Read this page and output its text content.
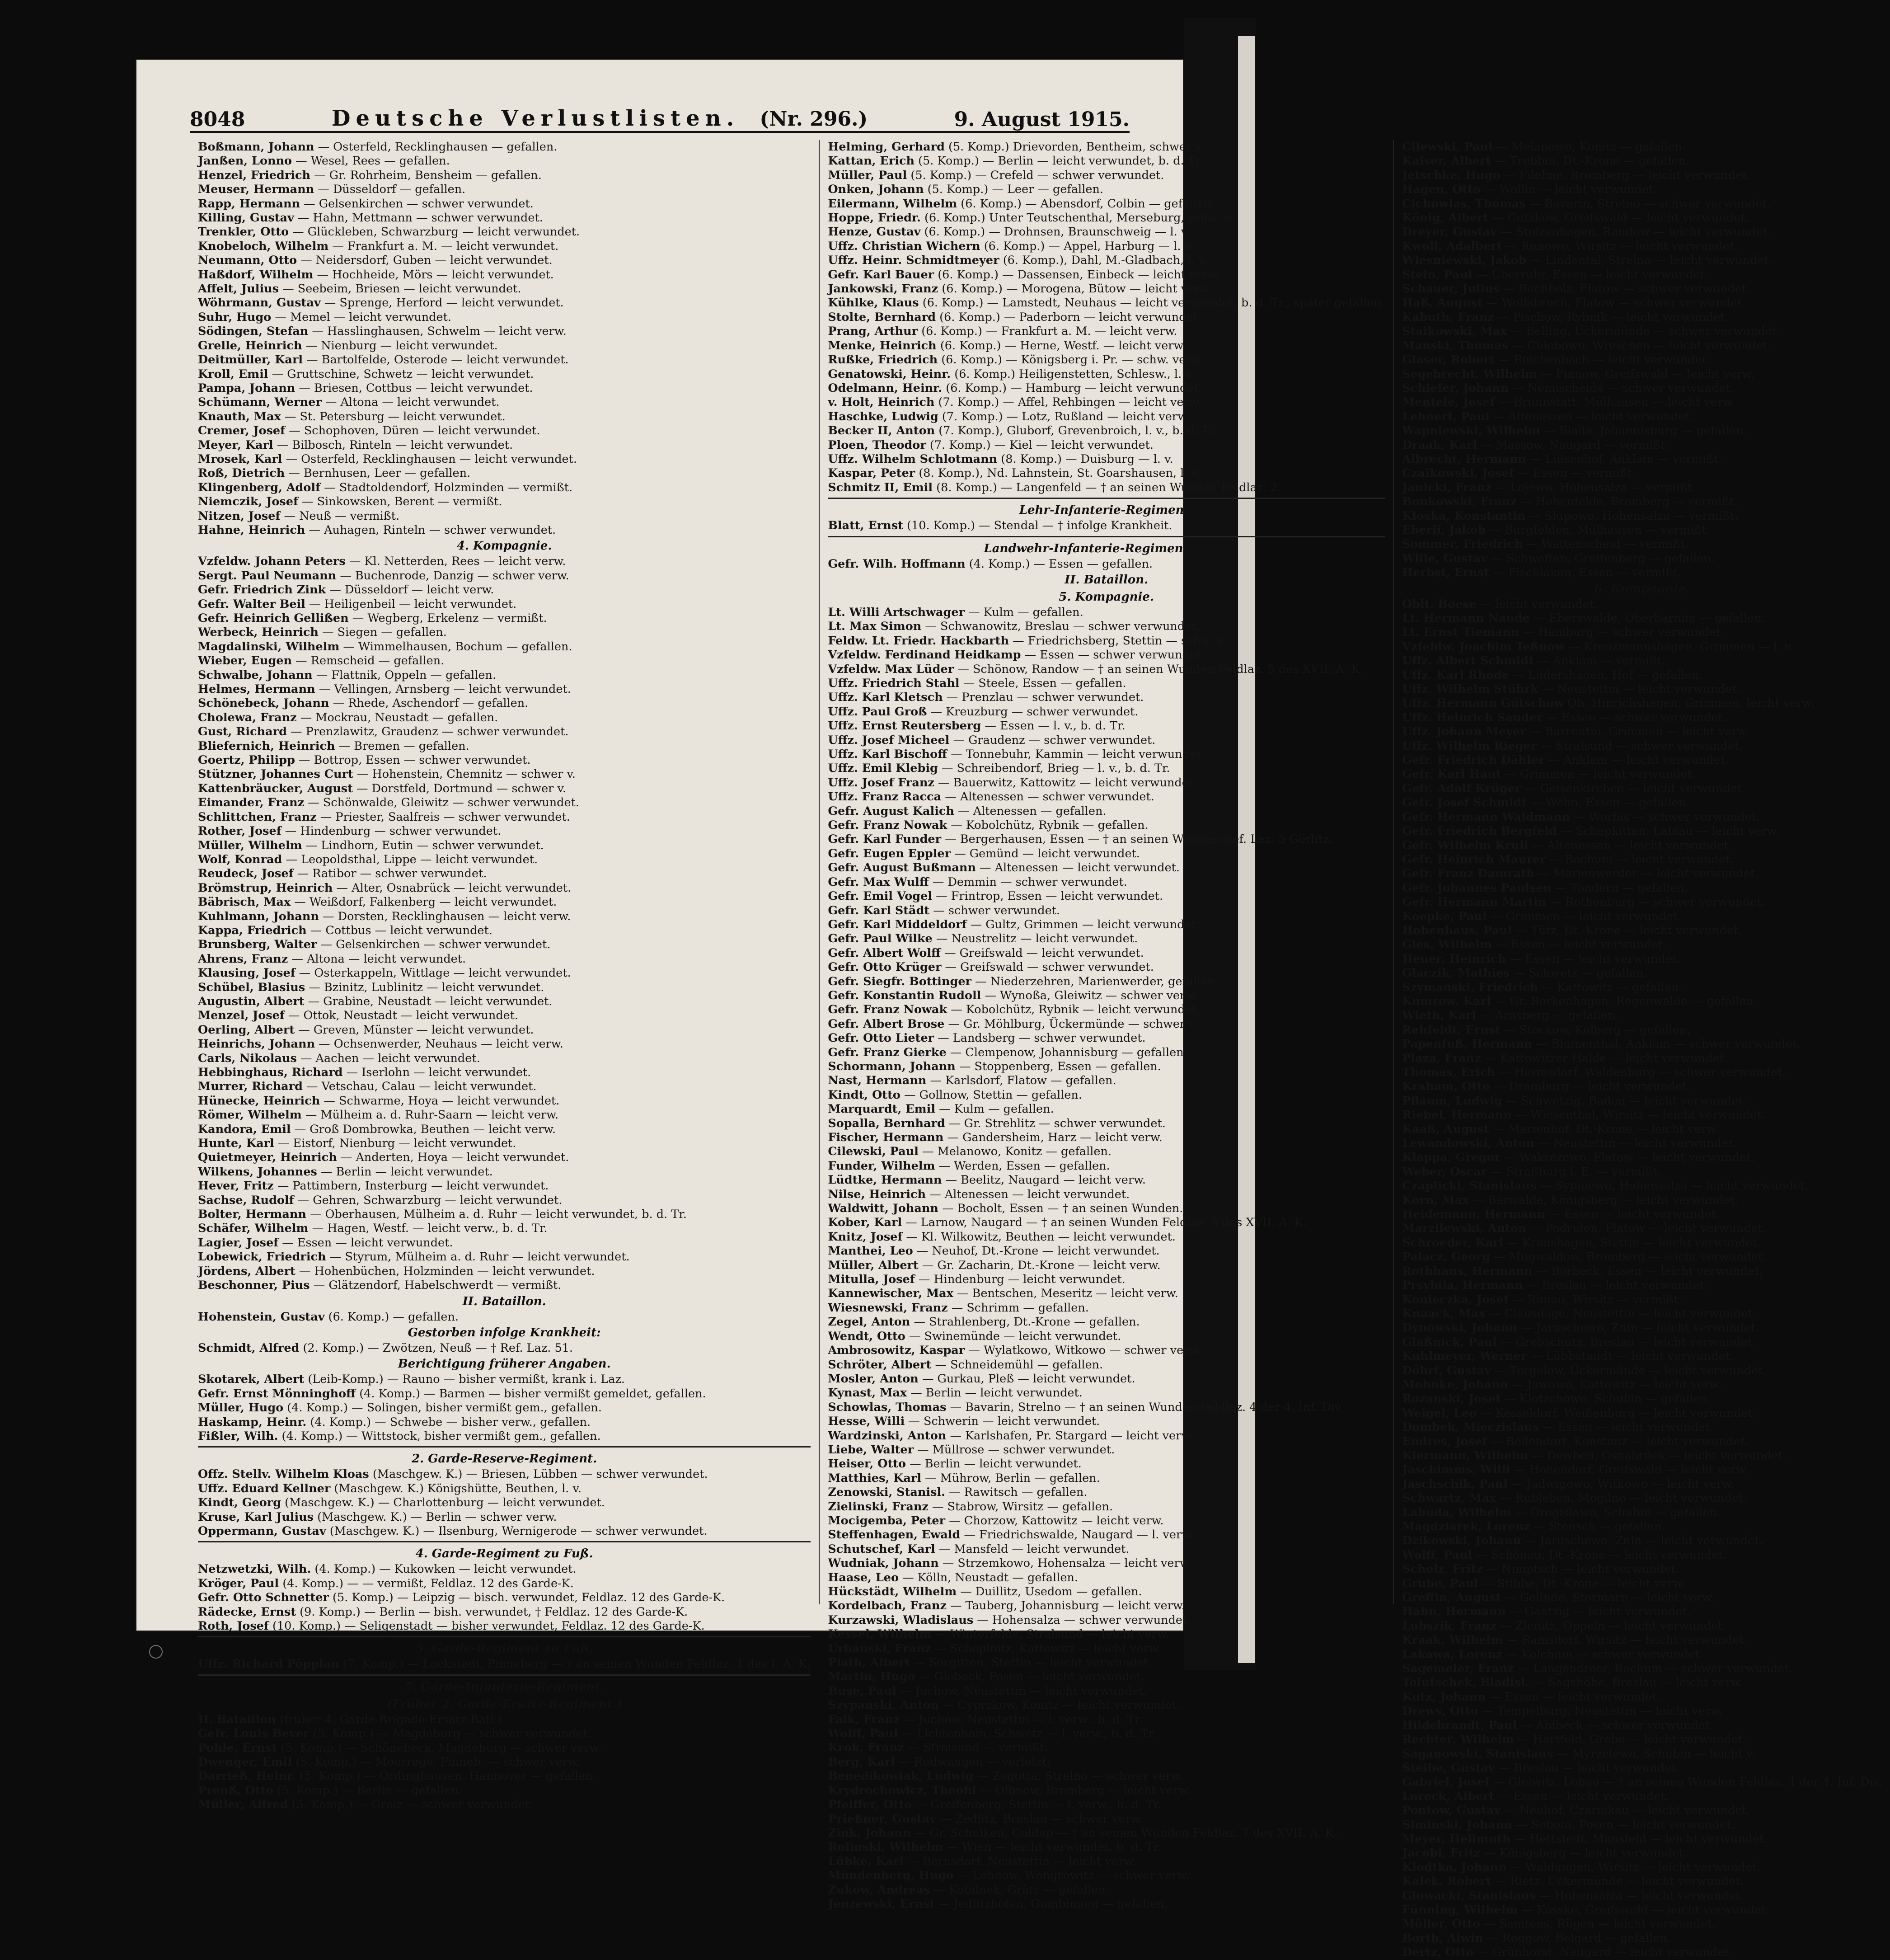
8048	Deutsche Verlustlisten. (Nr. 296.)	9. August 1915.
Boßmann, Johann — Osterfeld, Recklinghausen — gefallen.
Janßen, Lonno — Wesel, Rees — gefallen.
Henzel, Friedrich — Gr. Rohrheim, Bensheim — gefallen.
Meuser, Hermann — Düsseldorf — gefallen.
Rapp, Hermann — Gelsenkirchen — schwer verwundet.
Killing, Gustav — Hahn, Mettmann — schwer verwundet.
Trenkler, Otto — Glückleben, Schwarzburg — leicht verwundet.
Knobeloch, Wilhelm — Frankfurt a. M. — leicht verwundet.
Neumann, Otto — Neidersdorf, Guben — leicht verwundet.
Haßdorf, Wilhelm — Hochheide, Mörs — leicht verwundet.
Affelt, Julius — Seebeim, Briesen — leicht verwundet.
Wöhrmann, Gustav — Sprenge, Herford — leicht verwundet.
Suhr, Hugo — Memel — leicht verwundet.
Södingen, Stefan — Hasslinghausen, Schwelm — leicht verw.
Grelle, Heinrich — Nienburg — leicht verwundet.
Deitmüller, Karl — Bartolfelde, Osterode — leicht verwundet.
Kroll, Emil — Gruttschine, Schwetz — leicht verwundet.
Pampa, Johann — Briesen, Cottbus — leicht verwundet.
Schümann, Werner — Altona — leicht verwundet.
Knauth, Max — St. Petersburg — leicht verwundet.
Cremer, Josef — Schophoven, Düren — leicht verwundet.
Meyer, Karl — Bilbosch, Rinteln — leicht verwundet.
Mrosek, Karl — Osterfeld, Recklinghausen — leicht verwundet.
Roß, Dietrich — Bernhusen, Leer — gefallen.
Klingenberg, Adolf — Stadtoldendorf, Holzminden — vermißt.
Niemczik, Josef — Sinkowsken, Berent — vermißt.
Nitzen, Josef — Neuß — vermißt.
Hahne, Heinrich — Auhagen, Rinteln — schwer verwundet.
4. Kompagnie.
Vzfeldw. Johann Peters — Kl. Netterden, Rees — leicht verw.
Sergt. Paul Neumann — Buchenrode, Danzig — schwer verw.
Gefr. Friedrich Zink — Düsseldorf — leicht verw.
Gefr. Walter Beil — Heiligenbeil — leicht verwundet.
Gefr. Heinrich Gellißen — Wegberg, Erkelenz — vermißt.
Werbeck, Heinrich — Siegen — gefallen.
Magdalinski, Wilhelm — Wimmelhausen, Bochum — gefallen.
Wieber, Eugen — Remscheid — gefallen.
Schwalbe, Johann — Flattnik, Oppeln — gefallen.
Helmes, Hermann — Vellingen, Arnsberg — leicht verwundet.
Schönebeck, Johann — Rhede, Aschendorf — gefallen.
Cholewa, Franz — Mockrau, Neustadt — gefallen.
Gust, Richard — Prenzlawitz, Graudenz — schwer verwundet.
Bliefernich, Heinrich — Bremen — gefallen.
Goertz, Philipp — Bottrop, Essen — schwer verwundet.
Stützner, Johannes Curt — Hohenstein, Chemnitz — schwer v.
Kattenbräucker, August — Dorstfeld, Dortmund — schwer v.
Eimander, Franz — Schönwalde, Gleiwitz — schwer verwundet.
Schlittchen, Franz — Priester, Saalfreis — schwer verwundet.
Rother, Josef — Hindenburg — schwer verwundet.
Müller, Wilhelm — Lindhorn, Eutin — schwer verwundet.
Wolf, Konrad — Leopoldsthal, Lippe — leicht verwundet.
Reudeck, Josef — Ratibor — schwer verwundet.
Brömstrup, Heinrich — Alter, Osnabrück — leicht verwundet.
Bäbrisch, Max — Weißdorf, Falkenberg — leicht verwundet.
Kuhlmann, Johann — Dorsten, Recklinghausen — leicht verw.
Kappa, Friedrich — Cottbus — leicht verwundet.
Brunsberg, Walter — Gelsenkirchen — schwer verwundet.
Ahrens, Franz — Altona — leicht verwundet.
Klausing, Josef — Osterkappeln, Wittlage — leicht verwundet.
Schübel, Blasius — Bzinitz, Lublinitz — leicht verwundet.
Augustin, Albert — Grabine, Neustadt — leicht verwundet.
Menzel, Josef — Ottok, Neustadt — leicht verwundet.
Oerling, Albert — Greven, Münster — leicht verwundet.
Heinrichs, Johann — Ochsenwerder, Neuhaus — leicht verw.
Carls, Nikolaus — Aachen — leicht verwundet.
Hebbinghaus, Richard — Iserlohn — leicht verwundet.
Murrer, Richard — Vetschau, Calau — leicht verwundet.
Hünecke, Heinrich — Schwarme, Hoya — leicht verwundet.
Römer, Wilhelm — Mülheim a. d. Ruhr-Saarn — leicht verw.
Kandora, Emil — Groß Dombrowka, Beuthen — leicht verw.
Hunte, Karl — Eistorf, Nienburg — leicht verwundet.
Quietmeyer, Heinrich — Anderten, Hoya — leicht verwundet.
Wilkens, Johannes — Berlin — leicht verwundet.
Hever, Fritz — Pattimbern, Insterburg — leicht verwundet.
Sachse, Rudolf — Gehren, Schwarzburg — leicht verwundet.
Bolter, Hermann — Oberhausen, Mülheim a. d. Ruhr — leicht verwundet, b. d. Tr.
Schäfer, Wilhelm — Hagen, Westf. — leicht verw., b. d. Tr.
Lagier, Josef — Essen — leicht verwundet.
Lobewick, Friedrich — Styrum, Mülheim a. d. Ruhr — leicht verwundet.
Jördens, Albert — Hohenbüchen, Holzminden — leicht verwundet.
Beschonner, Pius — Glätzendorf, Habelschwerdt — vermißt.
II. Bataillon.
Hohenstein, Gustav (6. Komp.) — gefallen.
Gestorben infolge Krankheit:
Schmidt, Alfred (2. Komp.) — Zwötzen, Neuß — † Ref. Laz. 51.
Berichtigung früherer Angaben.
Skotarek, Albert (Leib-Komp.) — Rauno — bisher vermißt, krank i. Laz.
Gefr. Ernst Mönninghoff (4. Komp.) — Barmen — bisher vermißt gemeldet, gefallen.
Müller, Hugo (4. Komp.) — Solingen, bisher vermißt gem., gefallen.
Haskamp, Heinr. (4. Komp.) — Schwebe — bisher verw., gefallen.
Fißler, Wilh. (4. Komp.) — Wittstock, bisher vermißt gem., gefallen.
2. Garde-Reserve-Regiment.
Offz. Stellv. Wilhelm Kloas (Maschgew. K.) — Briesen, Lübben — schwer verwundet.
Uffz. Eduard Kellner (Maschgew. K.) Königshütte, Beuthen, l. v.
Kindt, Georg (Maschgew. K.) — Charlottenburg — leicht verwundet.
Kruse, Karl Julius (Maschgew. K.) — Berlin — schwer verw.
Oppermann, Gustav (Maschgew. K.) — Ilsenburg, Wernigerode — schwer verwundet.
4. Garde-Regiment zu Fuß.
Netzwetzki, Wilh. (4. Komp.) — Kukowken — leicht verwundet.
Kröger, Paul (4. Komp.) — — vermißt, Feldlaz. 12 des Garde-K.
Gefr. Otto Schnetter (5. Komp.) — Leipzig — bisch. verwundet, Feldlaz. 12 des Garde-K.
Rädecke, Ernst (9. Komp.) — Berlin — bish. verwundet, † Feldlaz. 12 des Garde-K.
Roth, Josef (10. Komp.) — Seligenstadt — bisher verwundet, Feldlaz. 12 des Garde-K.
5. Garde-Regiment zu Fuß.
Uffz. Richard Pöpplau (7. Komp.) — Lockstedt, Pinneberg — † an seinen Wunden Feldlaz. 1 des I. A. K.
7. Garde-Infanterie-Regiment.
(Früher 2. Garde-Ersatz-Regiment.)
II. Bataillon (früher 4. Garde-Brigade-Ersatz-Batl.)
Gefr. Louis Bever (5. Komp.) — Magdeburg — schwer verwundet.
Pohle, Ernst (5. Komp.) — Schönebeck, Magdeburg — schwer verw.
Dwenger, Emil (5. Komp.) — Moorrege, Pinneb. — schwer verw.
Darrieß, Heinr. (5. Komp.) — Ordinghausen, Hannover — gefallen.
Prenß, Otto (5. Komp.) — Berlin — gefallen.
Müller, Alfred (5. Komp.) — Greiz — schwer verwundet.
Helming, Gerhard (5. Komp.) Drievorden, Bentheim, schwer v.
Kattan, Erich (5. Komp.) — Berlin — leicht verwundet, b. d. Tr.
Müller, Paul (5. Komp.) — Crefeld — schwer verwundet.
Onken, Johann (5. Komp.) — Leer — gefallen.
Eilermann, Wilhelm (6. Komp.) — Abensdorf, Colbin — gefallen.
Hoppe, Friedr. (6. Komp.) Unter Teutschenthal, Merseburg, schw. v.
Henze, Gustav (6. Komp.) — Drohnsen, Braunschweig — l. v.
Uffz. Christian Wichern (6. Komp.) — Appel, Harburg — l. v.
Uffz. Heinr. Schmidtmeyer (6. Komp.), Dahl, M.-Gladbach, l. v.
Gefr. Karl Bauer (6. Komp.) — Dassensen, Einbeck — leicht verw.
Jankowski, Franz (6. Komp.) — Morogena, Bütow — leicht verw.
Kühlke, Klaus (6. Komp.) — Lamstedt, Neuhaus — leicht verwundet, b. d. Tr., später gefallen.
Stolte, Bernhard (6. Komp.) — Paderborn — leicht verwundet.
Prang, Arthur (6. Komp.) — Frankfurt a. M. — leicht verw.
Menke, Heinrich (6. Komp.) — Herne, Westf. — leicht verw.
Rußke, Friedrich (6. Komp.) — Königsberg i. Pr. — schw. verw.
Genatowski, Heinr. (6. Komp.) Heiligenstetten, Schlesw., l. v.
Odelmann, Heinr. (6. Komp.) — Hamburg — leicht verwundet.
v. Holt, Heinrich (7. Komp.) — Affel, Rehbingen — leicht verw.
Haschke, Ludwig (7. Komp.) — Lotz, Rußland — leicht verw.
Becker II, Anton (7. Komp.), Gluborf, Grevenbroich, l. v., b. d. Tr.
Ploen, Theodor (7. Komp.) — Kiel — leicht verwundet.
Uffz. Wilhelm Schlotmann (8. Komp.) — Duisburg — l. v.
Kaspar, Peter (8. Komp.), Nd. Lahnstein, St. Goarshausen, l. v.
Schmitz II, Emil (8. Komp.) — Langenfeld — † an seinen Wunden Feldlaz. 2.
Lehr-Infanterie-Regiment.
Blatt, Ernst (10. Komp.) — Stendal — † infolge Krankheit.
Landwehr-Infanterie-Regiment Nr. 2.
Gefr. Wilh. Hoffmann (4. Komp.) — Essen — gefallen.
II. Bataillon.
5. Kompagnie.
Lt. Willi Artschwager — Kulm — gefallen.
Lt. Max Simon — Schwanowitz, Breslau — schwer verwundet.
Feldw. Lt. Friedr. Hackbarth — Friedrichsberg, Stettin — schw. v.
Vzfeldw. Ferdinand Heidkamp — Essen — schwer verwundet.
Vzfeldw. Max Lüder — Schönow, Randow — † an seinen Wunden Feldlaz. 5 des XVII. A. K.
Uffz. Friedrich Stahl — Steele, Essen — gefallen.
Uffz. Karl Kletsch — Prenzlau — schwer verwundet.
Uffz. Paul Groß — Kreuzburg — schwer verwundet.
Uffz. Ernst Reutersberg — Essen — l. v., b. d. Tr.
Uffz. Josef Micheel — Graudenz — schwer verwundet.
Uffz. Karl Bischoff — Tonnebuhr, Kammin — leicht verwundet.
Uffz. Emil Klebig — Schreibendorf, Brieg — l. v., b. d. Tr.
Uffz. Josef Franz — Bauerwitz, Kattowitz — leicht verwundet.
Uffz. Franz Racca — Altenessen — schwer verwundet.
Gefr. August Kalich — Altenessen — gefallen.
Gefr. Franz Nowak — Kobolchütz, Rybnik — gefallen.
Gefr. Karl Funder — Bergerhausen, Essen — † an seinen Wunden Ref. Laz. 5 Görlitz.
Gefr. Eugen Eppler — Gemünd — leicht verwundet.
Gefr. August Bußmann — Altenessen — leicht verwundet.
Gefr. Max Wulff — Demmin — schwer verwundet.
Gefr. Emil Vogel — Frintrop, Essen — leicht verwundet.
Gefr. Karl Städt — schwer verwundet.
Gefr. Karl Middeldorf — Gultz, Grimmen — leicht verwundet.
Gefr. Paul Wilke — Neustrelitz — leicht verwundet.
Gefr. Albert Wolff — Greifswald — leicht verwundet.
Gefr. Otto Krüger — Greifswald — schwer verwundet.
Gefr. Siegfr. Bottinger — Niederzehren, Marienwerder, gefallen.
Gefr. Konstantin Rudoll — Wynoßa, Gleiwitz — schwer verw.
Gefr. Franz Nowak — Kobolchütz, Rybnik — leicht verwundet.
Gefr. Albert Brose — Gr. Möhlburg, Ückermünde — schwer v.
Gefr. Otto Lieter — Landsberg — schwer verwundet.
Gefr. Franz Gierke — Clempenow, Johannisburg — gefallen.
Schormann, Johann — Stoppenberg, Essen — gefallen.
Nast, Hermann — Karlsdorf, Flatow — gefallen.
Kindt, Otto — Gollnow, Stettin — gefallen.
Marquardt, Emil — Kulm — gefallen.
Sopalla, Bernhard — Gr. Strehlitz — schwer verwundet.
Fischer, Hermann — Gandersheim, Harz — leicht verw.
Cilewski, Paul — Melanowo, Konitz — gefallen.
Funder, Wilhelm — Werden, Essen — gefallen.
Lüdtke, Hermann — Beelitz, Naugard — leicht verw.
Nilse, Heinrich — Altenessen — leicht verwundet.
Waldwitt, Johann — Bocholt, Essen — † an seinen Wunden.
Kober, Karl — Larnow, Naugard — † an seinen Wunden Feldlaz. 5 des XVII. A. K.
Knitz, Josef — Kl. Wilkowitz, Beuthen — leicht verwundet.
Manthei, Leo — Neuhof, Dt.-Krone — leicht verwundet.
Müller, Albert — Gr. Zacharin, Dt.-Krone — leicht verw.
Mitulla, Josef — Hindenburg — leicht verwundet.
Kannewischer, Max — Bentschen, Meseritz — leicht verw.
Wiesnewski, Franz — Schrimm — gefallen.
Zegel, Anton — Strahlenberg, Dt.-Krone — gefallen.
Wendt, Otto — Swinemünde — leicht verwundet.
Ambrosowitz, Kaspar — Wylatkowo, Witkowo — schwer verw.
Schröter, Albert — Schneidemühl — gefallen.
Mosler, Anton — Gurkau, Pleß — leicht verwundet.
Kynast, Max — Berlin — leicht verwundet.
Schowlas, Thomas — Bavarin, Strelno — † an seinen Wunden Feldlaz. 4 der 4. Inf. Div.
Hesse, Willi — Schwerin — leicht verwundet.
Wardzinski, Anton — Karlshafen, Pr. Stargard — leicht verw.
Liebe, Walter — Müllrose — schwer verwundet.
Heiser, Otto — Berlin — leicht verwundet.
Matthies, Karl — Mührow, Berlin — gefallen.
Zenowski, Stanisl. — Rawitsch — gefallen.
Zielinski, Franz — Stabrow, Wirsitz — gefallen.
Mocigemba, Peter — Chorzow, Kattowitz — leicht verw.
Steffenhagen, Ewald — Friedrichswalde, Naugard — l. verw.
Schutschef, Karl — Mansfeld — leicht verwundet.
Wudniak, Johann — Strzemkowo, Hohensalza — leicht verw.
Haase, Leo — Kölln, Neustadt — gefallen.
Hückstädt, Wilhelm — Duillitz, Usedom — gefallen.
Kordelbach, Franz — Tauberg, Johannisburg — leicht verw.
Kurzawski, Wladislaus — Hohensalza — schwer verwundet.
Kessel, Wilhelm — Winterfelde, Stralsund — leicht verw.
Urbanski, Franz — Schopinitz, Kattowitz — leicht verw.
Plath, Albert — Sorgitten, Stettin — leicht verwundet.
Martin, Hugo — Glebock, Posen — leicht verwundet.
Buse, Paul — Juchow, Neustettin — leicht verwundet.
Szypanski, Anton — Cyprzkow, Konitz — leicht verwundet.
Falk, Franz — Juchow, Neustettin — l. verw., b. d. Tr.
Wolff, Paul — Lichtenhain, Schwetz — l. verw., b. d. Tr.
Krok, Franz — Stralsund — vermißt.
Berg, Karl — Rudwangen — verletzt.
Benedikowiak, Ludwig — Zegotta, Strelno — schwer verw.
Krydrochowicz, Theofil — Olbnow, Bromberg — leicht verw.
Pfeiffer, Otto — Greifenberg, Stettin — l. verw., b. d. Tr.
Prießner, Gustav — Zedlitz, Breslau — schwer verw.
Zink, Johann — Gr. Schulken, Goldap — † an seinen Wunden Feldlaz. 7 des XVII. A. K.
Rolinski, Wilhelm — Wien — leicht verwundet, b. d. Tr.
Lübke, Karl — Bernsdorf, Neustettin — leicht verw.
Mündenberg, Hugo — Lehnow, Wongrowitz — schwer verw.
Zukow, Andreas — Kobilnek, Grätz — gefallen.
Jenzewski, Ernst — Jedlitzhofen, Gumbinnen — gefallen.
Cilewski, Paul — Melanowo, Konitz — gefallen.
Kaiser, Albert — Trebbin, Dt.-Krone — gefallen.
Jetschke, Hugo — Filehne, Bromberg — leicht verwundet.
Hagen, Otto — Wollin — leicht verwundet.
Cichowlas, Thomas — Bavarin, Strelno — schwer verwundet.
König, Albert — Gutzkow, Greifswald — leicht verwundet.
Dreyer, Gustav — Stolzenhagen, Randow — leicht verwundet.
Kwoll, Adalbert — Runowo, Wirsitz — leicht verwundet.
Wiesniewski, Jakob — Lindental, Strelno — leicht verwundet.
Stein, Paul — Überruhr, Essen — leicht verwundet.
Schauer, Julius — Buchholz, Flatow — schwer verwundet.
Haß, August — Wolfsbruch, Flatow — schwer verwundet.
Kabuth, Franz — Pischow, Rybnik — leicht verwundet.
Staikowski, Max — Belling, Ückermünde — schwer verwundet.
Manski, Thomas — Chlebowo, Wreschen — leicht verwundet.
Glaser, Robert — Reichenbach — leicht verwundet.
Segebrecht, Wilhelm — Pinnow, Greifswald — leicht verw.
Schiefer, Johann — Nemischeide — schwer verwundet.
Mentele, Josef — Brunnstatt, Mülhausen — leicht verw.
Lehnert, Paul — Altenessen — leicht verwundet.
Wapniewski, Wilhelm — Blalla, Johannisburg — gefallen.
Draak, Karl — Massow, Naugard — vermißt.
Albrecht, Hermann — Luisenhof, Anklam — vermißt.
Czaikowski, Josef — Essen — vermißt.
Janicki, Franz — Lojewo, Hohensalza — vermißt.
Bonkowski, Franz — Hohenfelde, Bromberg — vermißt.
Kloska, Konstantin — Slupowo, Hohensalza — vermißt.
Eberli, Jakob — Burgfelden, Mülhausen — vermißt.
Sommer, Friedrich — Wattenscheid — vermißt.
Wille, Gustav — Schweffen, Greifenberg — gefallen.
Herbst, Ernst — Fischlaken, Essen — vermißt.
6. Kompagnie.
Oblt. Boese — leicht verwundet.
Lt. Hermann Naude — Eberswalde, Oberbarnim — gefallen.
Lt. Ernst Tiemann — Hamburg — schwer verwundet.
Vzfeldw. Joachim Teßnow — Kreuzmannshagen, Grimmen — l. v.
Uffz. Albert Schmidt — Anklam — vermißt.
Uffz. Karl Rhode — Lüdershagen, Hof — gefallen.
Uffz. Wilhelm Stührk — Neustettin — leicht verwundet.
Uffz. Hermann Gütschow Ob. Hinrichshagen, Grimmen, leicht verw.
Uffz. Heinrich Sauder — Essen — schwer verwundet.
Uffz. Johann Meyer — Barrentin, Grimmen — leicht verw.
Uffz. Wilhelm Rieger — Stralsund — schwer verwundet.
Gefr. Friedrich Dähler — Anklam — leicht verwundet.
Gefr. Karl Haut — Grimmen — leicht verwundet.
Gefr. Adolf Krüger — Geisenkirchen — leicht verwundet.
Gefr. Josef Schmidt — Wehn, Essen — gefallen.
Gefr. Hermann Waldmann — Worbis — schwer verwundet.
Gefr. Friedrich Bergfeld — Schepkitten, Labiau — leicht verw.
Gefr. Wilhelm Krull — Altenessen — leicht verwundet.
Gefr. Heinrich Maurer — Bochum — leicht verwundet.
Gefr. Franz Damrath — Marienwerder — leicht verwundet.
Gefr. Johannes Paulsen — Tondern — gefallen.
Gefr. Hermann Martin — Rothenburg — schwer verwundet.
Koepke, Paul — Grimmen — leicht verwundet.
Hohenhaus, Paul — Tütz, Dt.-Krone — leicht verwundet.
Gies, Wilhelm — Essen — leicht verwundet.
Heuer, Heinrich — Essen — leicht verwundet.
Glaczik, Mathies — Schwetz — gefallen.
Szymanski, Friedrich — Kattowitz — gefallen.
Kumrow, Karl — Gr. Borkenhagen, Regenwalde — gefallen.
Wieth, Karl — Arnsberg — gefallen.
Rehfeldt, Ernst — Stockow, Kolberg — gefallen.
Papenfuß, Hermann — Blumenthal, Anklam — schwer verwundet.
Plaza, Franz — Kattowitzer Halde — leicht verwundet.
Thomas, Erich — Hermsdorf, Waldenburg — schwer verwundet.
Kraham, Otto — Dramburg — leicht verwundet.
Pflaum, Ludwig — Schwetzig, Baden — leicht verwundet.
Riebel, Hermann — Wiesenthal, Wirsitz — leicht verwundet.
Kaaß, August — Marienhof, Dt.-Krone — leicht verw.
Lewandowski, Anton — Neustettin — leicht verwundet.
Klappa, Gregor — Wakrezewo, Flatow — leicht verwundet.
Weber, Oscar — Straßburg i. E. — vermißt.
Czaplicki, Stanislaus — Sypniewo, Hohensalza — leicht verwundet.
Korn, Max — Bärwalde, Königsberg — leicht verwundet.
Heidemann, Hermann — Essen — leicht verwundet.
Marzilewski, Anton — Podrulen, Flatow — leicht verwundet.
Schroeder, Karl — Kraushagen, Stettin — leicht verwundet.
Palacz, Georg — Mugwaldow, Bromberg — leicht verwundet.
Rothhaus, Hermann — Borbeck, Essen — leicht verwundet.
Prsybila, Hermann — Breslau — leicht verwundet.
Konieczka, Josef — Runau, Wirsitz — vermißt.
Knaack, Max — Clausdage, Neustettin — leicht verwundet.
Dynowski, Johann — Jaruschewo, Znin — leicht verwundet.
Glaßnick, Paul — Grebschutz, Breslau — leicht verwundet.
Kuhlmeyer, Werner — Lübbstandt — leicht verwundet.
Döhrf, Gustav — Torgelow, Ückermünde — leicht verwundet.
Mohnke, Johann — Jawowo, Kattowitz — leicht verw.
Rozanski, Josef — Klotzchowo, Schubin — gefallen.
Weigel, Leo — Kesseldorf, Weißenburg — leicht verwundet.
Dombek, Mieczislaus — Essen — leicht verwundet.
Endres, Josef — Bellendorf, Konstanz — leicht verwundet.
Kiermann, Wilhelm — Dewbeu, Osnabrück — leicht verwundet.
Jaschimms, Willi — Hohendorf, Greifswald — leicht verw.
Jaschschik, Paul — Jadwigowo, Witkowo — leicht verw.
Schwartz, Max — Rubleben, Mogilno — leicht verwundet.
Labuda, Wilhelm — Drogislawo, Schubin — gefallen.
Magdziarek, Lorenz — Stensch — gefallen.
Dzikowski, Johann — Jaruschewo, Znin — leicht verwundet.
Wolff, Paul — Schönau, Dt.-Krone — leicht verwundet.
Scholz, Fritz — Nimptsch — leicht verwundet.
Grube, Paul — Stibbe, Dt.-Krone — leicht verw.
Greffin, August — Gelinde, Stormarn — leicht verw.
Hahn, Hermann — Gaatzig — leicht verwundet.
Lubszik, Franz — Zlenitz, Oppeln — leicht verwundet.
Kraak, Wilhelm — Ramsdorf, Wirsitz — leicht verwundet.
Lakawa, Lorenz — Kolchnin — schwer verwundet.
Sagemeier, Franz — Langendreer, Bochum — schwer verwundet.
Tolutschek, Bladisl. — Sagshöhe, Breslau — leicht verw.
Kutz, Johann — Essen — leicht verwundet.
Drews, Otto — Tempelburg, Neustettin — leicht verw.
Hildebrandt, Paul — Abibeck — schwer verwundet.
Rechter, Wilhelm — Hartfeld, Grebe — leicht verwundet.
Saganowski, Stanislaus — Myrzelewo, Schubin — leicht v.
Steibe, Gustav — Breslau — leicht verwundet.
Gabriel, Josef — Gleiwitz, Lobau — † an seinen Wunden Feldlaz. 4 der 4. Inf. Div.
Loreck, Albert — Essen — leicht verwundet.
Pontow, Gustav — Neuhof, Czarnikau — leicht verwundet.
Siminski, Johann — Sobota, Posen — leicht verwundet.
Meyer, Hellmuth — Hettstedt, Mansfeld — leicht verwundet.
Jacobi, Fritz — Königsberg — leicht verwundet.
Klodtka, Johann — Waldungen, Wirsitz — leicht verwundet.
Kalek, Robert — Rietz, Ückermünde — leicht verwundet.
Glowacki, Stanislaus — Hohensalza — leicht verwundet.
Fünning, Wilhelm — Kasske, Greifswald — leicht verwundet.
Möller, Otto — Samtens, Rügen — leicht verwundet.
Borth, Alwin — Roggow, Belgard — gefallen.
Dertz, Otto — Grünhorst, Naugard — leicht verwundet.
